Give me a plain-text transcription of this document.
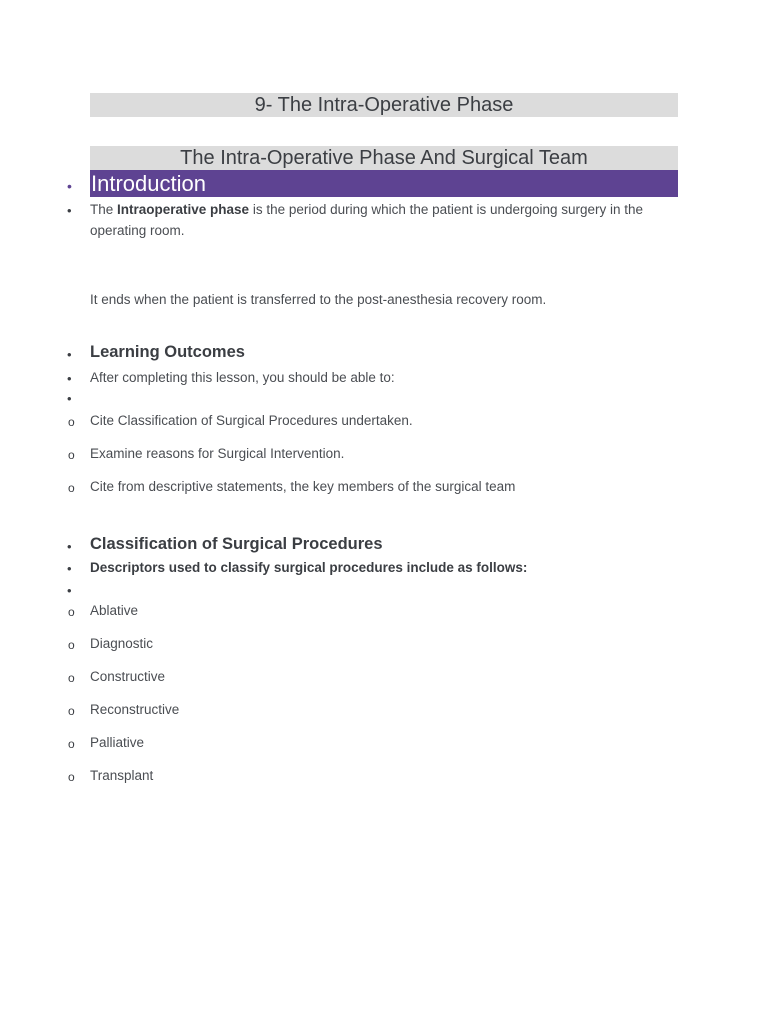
9- The Intra-Operative Phase
The Intra-Operative Phase And Surgical Team
• Introduction
• The Intraoperative phase is the period during which the patient is undergoing surgery in the operating room.
It ends when the patient is transferred to the post-anesthesia recovery room.
• Learning Outcomes
• After completing this lesson, you should be able to:
•
o Cite Classification of Surgical Procedures undertaken.
o Examine reasons for Surgical Intervention.
o Cite from descriptive statements, the key members of the surgical team
• Classification of Surgical Procedures
• Descriptors used to classify surgical procedures include as follows:
•
o Ablative
o Diagnostic
o Constructive
o Reconstructive
o Palliative
o Transplant
